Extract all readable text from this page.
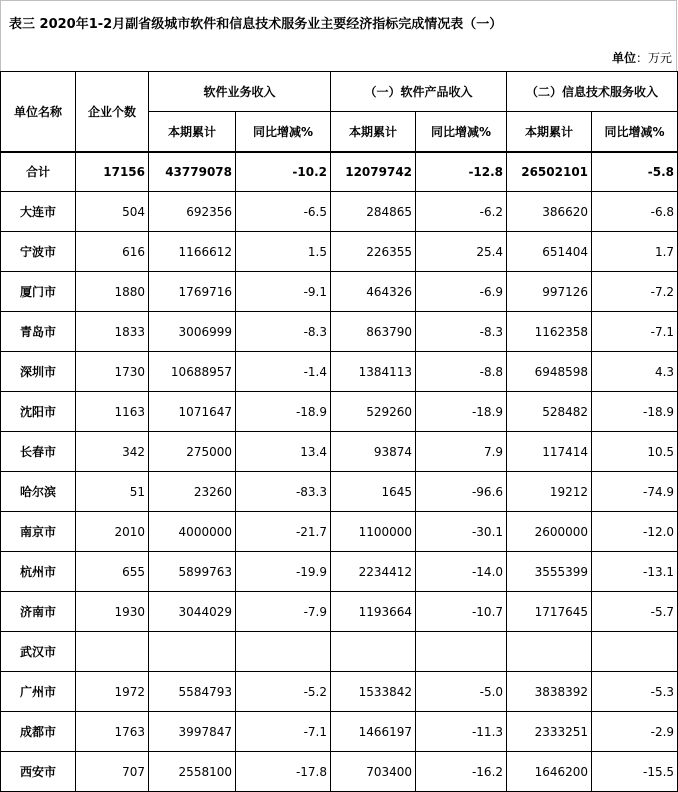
表三 2020年1-2月副省级城市软件和信息技术服务业主要经济指标完成情况表（一）
单位 ： 万元
单位名称	企业个数	软件业务收入		（一）软件产品收入		（二）信息技术服务收入	
		本期累计	同比增减%	本期累计	同比增减%	本期累计	同比增减%
合计	17156	43779078	-10.2	12079742	-12.8	26502101	-5.8
大连市	504	692356	-6.5	284865	-6.2	386620	-6.8
宁波市	616	1166612	1.5	226355	25.4	651404	1.7
厦门市	1880	1769716	-9.1	464326	-6.9	997126	-7.2
青岛市	1833	3006999	-8.3	863790	-8.3	1162358	-7.1
深圳市	1730	10688957	-1.4	1384113	-8.8	6948598	4.3
沈阳市	1163	1071647	-18.9	529260	-18.9	528482	-18.9
长春市	342	275000	13.4	93874	7.9	117414	10.5
哈尔滨	51	23260	-83.3	1645	-96.6	19212	-74.9
南京市	2010	4000000	-21.7	1100000	-30.1	2600000	-12.0
杭州市	655	5899763	-19.9	2234412	-14.0	3555399	-13.1
济南市	1930	3044029	-7.9	1193664	-10.7	1717645	-5.7
武汉市							
广州市	1972	5584793	-5.2	1533842	-5.0	3838392	-5.3
成都市	1763	3997847	-7.1	1466197	-11.3	2333251	-2.9
西安市	707	2558100	-17.8	703400	-16.2	1646200	-15.5
